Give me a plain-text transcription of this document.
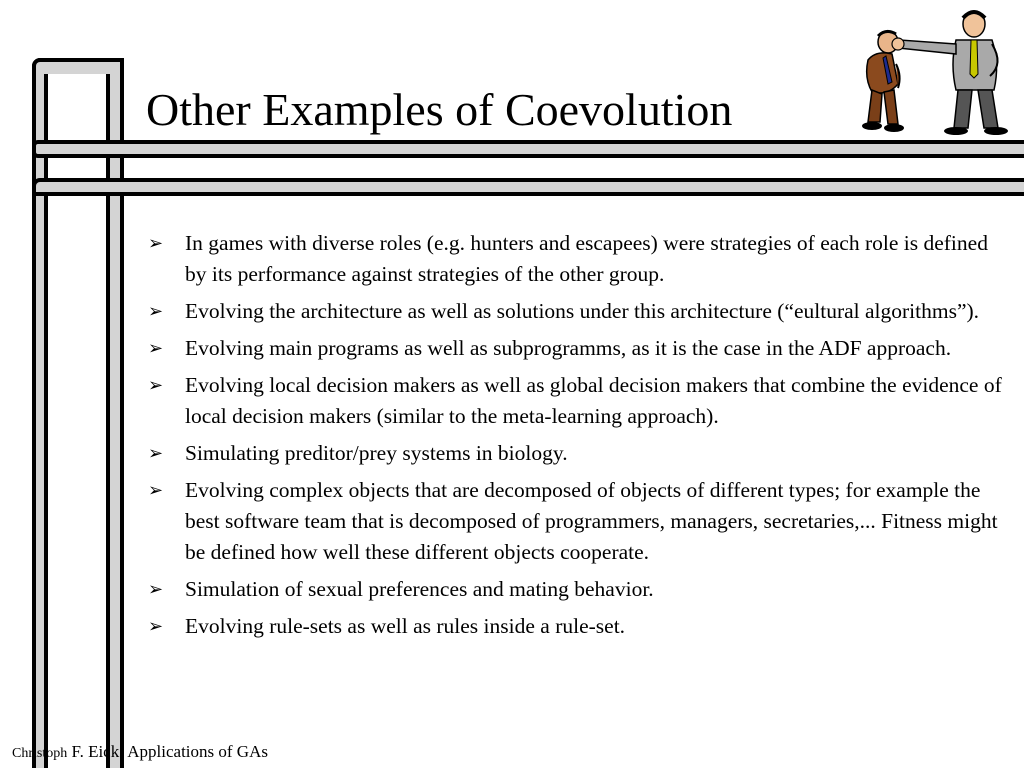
Other Examples of Coevolution
➢ In games with diverse roles (e.g. hunters and escapees) were strategies of each role is defined by its performance against strategies of the other group.
➢ Evolving the architecture as well as solutions under this architecture (“eultural algorithms”).
➢ Evolving main programs as well as subprogramms, as it is the case in the ADF approach.
➢ Evolving local decision makers as well as global decision makers that combine the evidence of local decision makers (similar to the meta-learning approach).
➢ Simulating preditor/prey systems in biology.
➢ Evolving complex objects that are decomposed of objects of different types; for example the best software team that is decomposed of programmers, managers, secretaries,... Fitness might be defined how well these different objects cooperate.
➢ Simulation of sexual preferences and mating behavior.
➢ Evolving rule-sets as well as rules inside a rule-set.
Christoph F. Eick: Applications of GAs
